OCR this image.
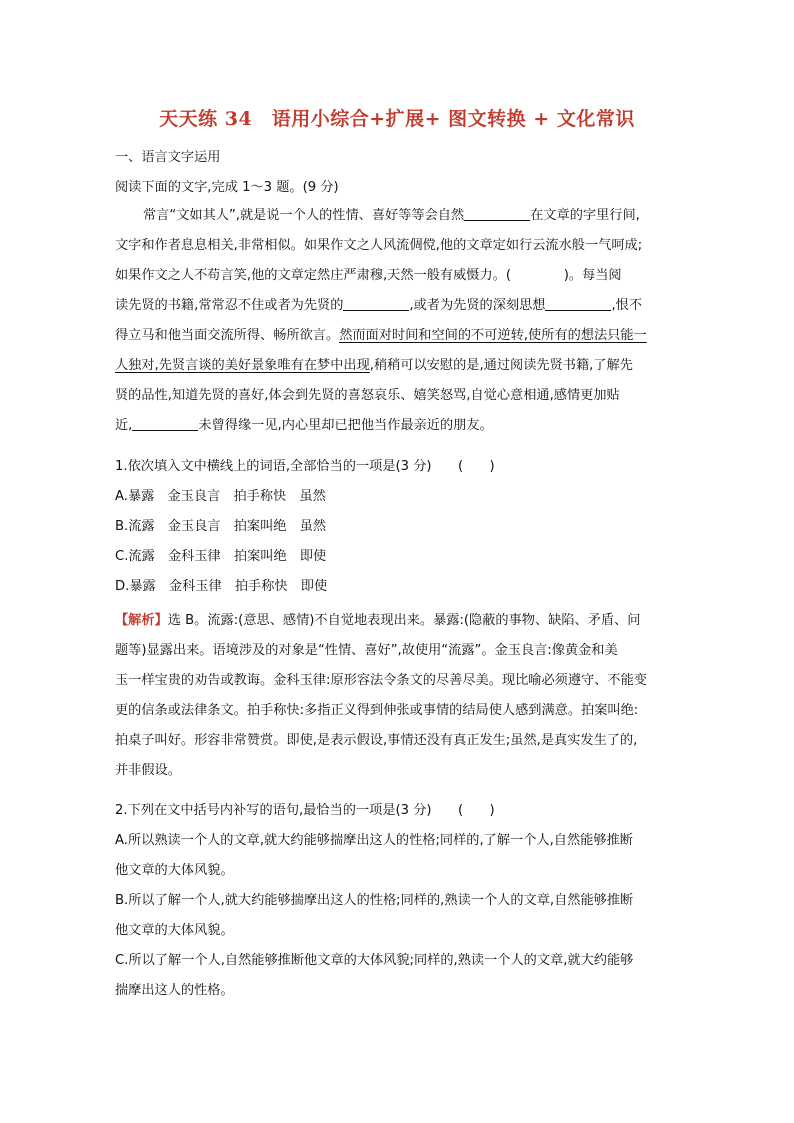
天天练 34　语用小综合+扩展+ 图文转换 + 文化常识

一、语言文字运用

阅读下面的文字,完成 1～3 题。(9 分)

常言“文如其人”,就是说一个人的性情、喜好等等会自然	在文章的字里行间,
文字和作者息息相关,非常相似。如果作文之人风流倜傥,他的文章定如行云流水般一气呵成;
如果作文之人不苟言笑,他的文章定然庄严肃穆,天然一般有威慑力。(　　　　)。每当阅
读先贤的书籍,常常忍不住或者为先贤的	,或者为先贤的深刻思想	,恨不
得立马和他当面交流所得、畅所欲言。然而面对时间和空间的不可逆转,使所有的想法只能一
人独对,先贤言谈的美好景象唯有在梦中出现,稍稍可以安慰的是,通过阅读先贤书籍,了解先
贤的品性,知道先贤的喜好,体会到先贤的喜怒哀乐、嬉笑怒骂,自觉心意相通,感情更加贴
近,	未曾得缘一见,内心里却已把他当作最亲近的朋友。
1.依次填入文中横线上的词语,全部恰当的一项是(3 分)　　(　　)
A.暴露　金玉良言　拍手称快　虽然
B.流露　金玉良言　拍案叫绝　虽然
C.流露　金科玉律　拍案叫绝　即使
D.暴露　金科玉律　拍手称快　即使
【解析】选 B。流露:(意思、感情)不自觉地表现出来。暴露:(隐蔽的事物、缺陷、矛盾、问
题等)显露出来。语境涉及的对象是“性情、喜好”,故使用“流露”。金玉良言:像黄金和美
玉一样宝贵的劝告或教诲。金科玉律:原形容法令条文的尽善尽美。现比喻必须遵守、不能变
更的信条或法律条文。拍手称快:多指正义得到伸张或事情的结局使人感到满意。拍案叫绝:
拍桌子叫好。形容非常赞赏。即使,是表示假设,事情还没有真正发生;虽然,是真实发生了的,
并非假设。
2.下列在文中括号内补写的语句,最恰当的一项是(3 分)　　(　　)
A.所以熟读一个人的文章,就大约能够揣摩出这人的性格;同样的,了解一个人,自然能够推断
他文章的大体风貌。
B.所以了解一个人,就大约能够揣摩出这人的性格;同样的,熟读一个人的文章,自然能够推断
他文章的大体风貌。
C.所以了解一个人,自然能够推断他文章的大体风貌;同样的,熟读一个人的文章,就大约能够
揣摩出这人的性格。
